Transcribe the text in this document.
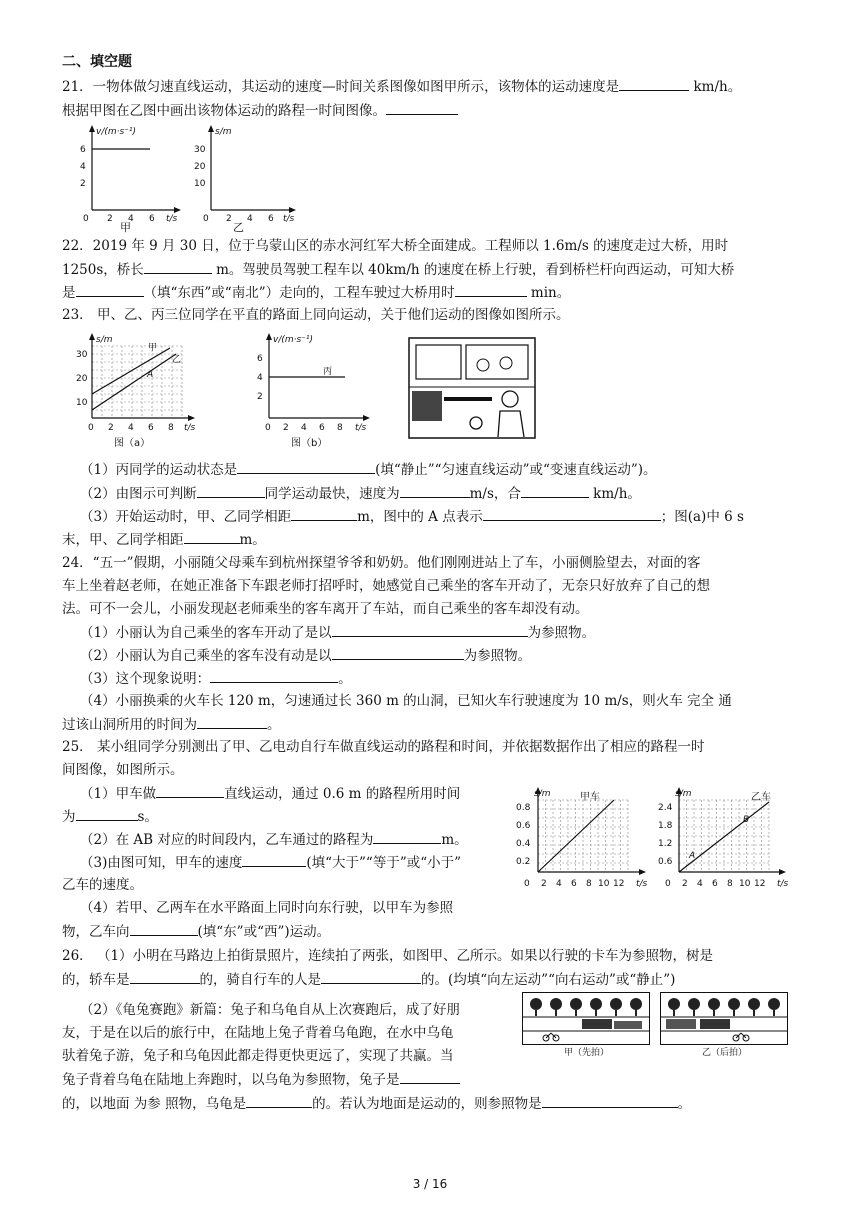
二、填空题
21．一物体做匀速直线运动，其运动的速度—时间关系图像如图甲所示，该物体的运动速度是	km/h。
根据甲图在乙图中画出该物体运动的路程一时间图像。
v/(m·s⁻¹)
6
4
2
0 2 4 6 t/s
甲
s/m
30
20
10
0 2 4 6 t/s
乙
22．2019 年 9 月 30 日，位于乌蒙山区的赤水河红军大桥全面建成。工程师以 1.6m/s 的速度走过大桥，用时
1250s，桥长	m。驾驶员驾驶工程车以 40km/h 的速度在桥上行驶，看到桥栏杆向西运动，可知大桥
是	（填“东西”或“南北”）走向的，工程车驶过大桥用时	min。
23． 甲、乙、丙三位同学在平直的路面上同向运动，关于他们运动的图像如图所示。
s/m
30
20
10
0 2 4 6 8 t/s
甲
乙
A
图（a）
v/(m·s⁻¹)
6
4
2
0 2 4 6 8 t/s
丙
图（b）
（1）丙同学的运动状态是	(填“静止”“匀速直线运动”或“变速直线运动”)。
（2）由图示可判断	同学运动最快，速度为	m/s，合	km/h。
（3）开始运动时，甲、乙同学相距	m，图中的 A 点表示	；图(a)中 6 s
末，甲、乙同学相距	m。
24．“五一”假期，小丽随父母乘车到杭州探望爷爷和奶奶。他们刚刚进站上了车，小丽侧脸望去，对面的客
车上坐着赵老师，在她正准备下车跟老师打招呼时，她感觉自己乘坐的客车开动了，无奈只好放弃了自己的想
法。可不一会儿，小丽发现赵老师乘坐的客车离开了车站，而自己乘坐的客车却没有动。
（1）小丽认为自己乘坐的客车开动了是以	为参照物。
（2）小丽认为自己乘坐的客车没有动是以	为参照物。
（3）这个现象说明：	。
（4）小丽换乘的火车长 120 m，匀速通过长 360 m 的山洞，已知火车行驶速度为 10 m/s，则火车 完全 通
过该山洞所用的时间为	。
25． 某小组同学分别测出了甲、乙电动自行车做直线运动的路程和时间，并依据数据作出了相应的路程一时
间图像，如图所示。
（1）甲车做	直线运动，通过 0.6 m 的路程所用时间
为	s。
（2）在 AB 对应的时间段内，乙车通过的路程为	m。
（3)由图可知，甲车的速度	(填“大于”“等于”或“小于”
乙车的速度。
（4）若甲、乙两车在水平路面上同时向东行驶，以甲车为参照
物，乙车向	(填“东”或“西”)运动。
s/m	甲车
0.8
0.6
0.4
0.2
0 2 4 6 8 10 12 t/s
s/m	乙车
2.4
1.8
1.2
0.6
A
B
0 2 4 6 8 10 12 t/s
26． （1）小明在马路边上拍街景照片，连续拍了两张，如图甲、乙所示。如果以行驶的卡车为参照物，树是
的，轿车是	的，骑自行车的人是	的。(均填“向左运动”“向右运动”或“静止”)
（2）《龟兔赛跑》新篇：兔子和乌龟自从上次赛跑后，成了好朋
友，于是在以后的旅行中，在陆地上兔子背着乌龟跑，在水中乌龟
驮着兔子游，兔子和乌龟因此都走得更快更远了，实现了共赢。当
兔子背着乌龟在陆地上奔跑时，以乌龟为参照物，兔子是
的，以地面 为参 照物，乌龟是	的。若认为地面是运动的，则参照物是	。
甲（先拍）	乙（后拍）
3 / 16
